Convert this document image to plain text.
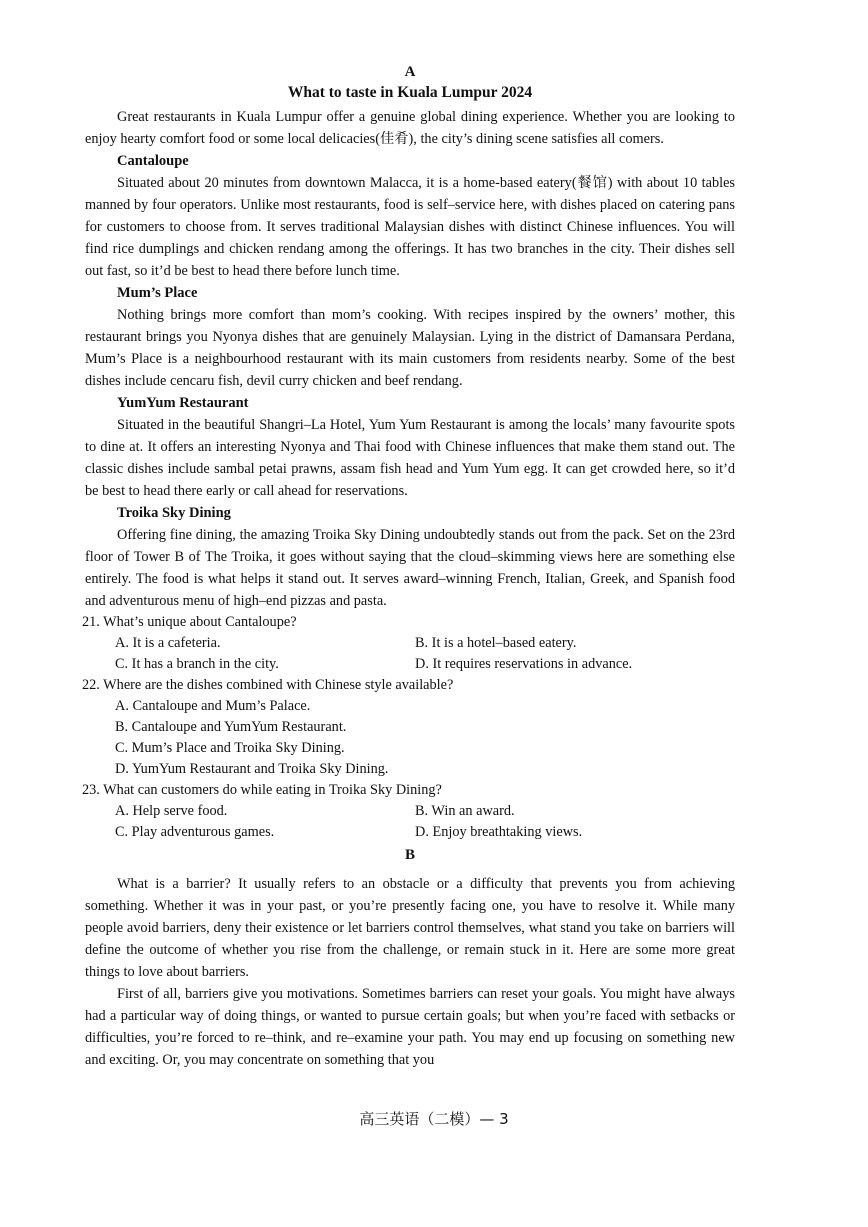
A
What to taste in Kuala Lumpur 2024

Great restaurants in Kuala Lumpur offer a genuine global dining experience. Whether you are looking to enjoy hearty comfort food or some local delicacies(佳肴), the city’s dining scene satisfies all comers.

Cantaloupe

Situated about 20 minutes from downtown Malacca, it is a home-based eatery(餐馆) with about 10 tables manned by four operators. Unlike most restaurants, food is self–service here, with dishes placed on catering pans for customers to choose from. It serves traditional Malaysian dishes with distinct Chinese influences. You will find rice dumplings and chicken rendang among the offerings. It has two branches in the city. Their dishes sell out fast, so it’d be best to head there before lunch time.

Mum’s Place

Nothing brings more comfort than mom’s cooking. With recipes inspired by the owners’ mother, this restaurant brings you Nyonya dishes that are genuinely Malaysian. Lying in the district of Damansara Perdana, Mum’s Place is a neighbourhood restaurant with its main customers from residents nearby. Some of the best dishes include cencaru fish, devil curry chicken and beef rendang.

YumYum Restaurant

Situated in the beautiful Shangri–La Hotel, Yum Yum Restaurant is among the locals’ many favourite spots to dine at. It offers an interesting Nyonya and Thai food with Chinese influences that make them stand out. The classic dishes include sambal petai prawns, assam fish head and Yum Yum egg. It can get crowded here, so it’d be best to head there early or call ahead for reservations.

Troika Sky Dining

Offering fine dining, the amazing Troika Sky Dining undoubtedly stands out from the pack. Set on the 23rd floor of Tower B of The Troika, it goes without saying that the cloud–skimming views here are something else entirely. The food is what helps it stand out. It serves award–winning French, Italian, Greek, and Spanish food and adventurous menu of high–end pizzas and pasta.

21. What’s unique about Cantaloupe?
A. It is a cafeteria.	B. It is a hotel–based eatery.
C. It has a branch in the city.	D. It requires reservations in advance.
22. Where are the dishes combined with Chinese style available?
A. Cantaloupe and Mum’s Palace.
B. Cantaloupe and YumYum Restaurant.
C. Mum’s Place and Troika Sky Dining.
D. YumYum Restaurant and Troika Sky Dining.
23. What can customers do while eating in Troika Sky Dining?
A. Help serve food.	B. Win an award.
C. Play adventurous games.	D. Enjoy breathtaking views.
B

What is a barrier? It usually refers to an obstacle or a difficulty that prevents you from achieving something. Whether it was in your past, or you’re presently facing one, you have to resolve it. While many people avoid barriers, deny their existence or let barriers control themselves, what stand you take on barriers will define the outcome of whether you rise from the challenge, or remain stuck in it. Here are some more great things to love about barriers.

First of all, barriers give you motivations. Sometimes barriers can reset your goals. You might have always had a particular way of doing things, or wanted to pursue certain goals; but when you’re faced with setbacks or difficulties, you’re forced to re–think, and re–examine your path. You may end up focusing on something new and exciting. Or, you may concentrate on something that you

高三英语（二模）— 3
